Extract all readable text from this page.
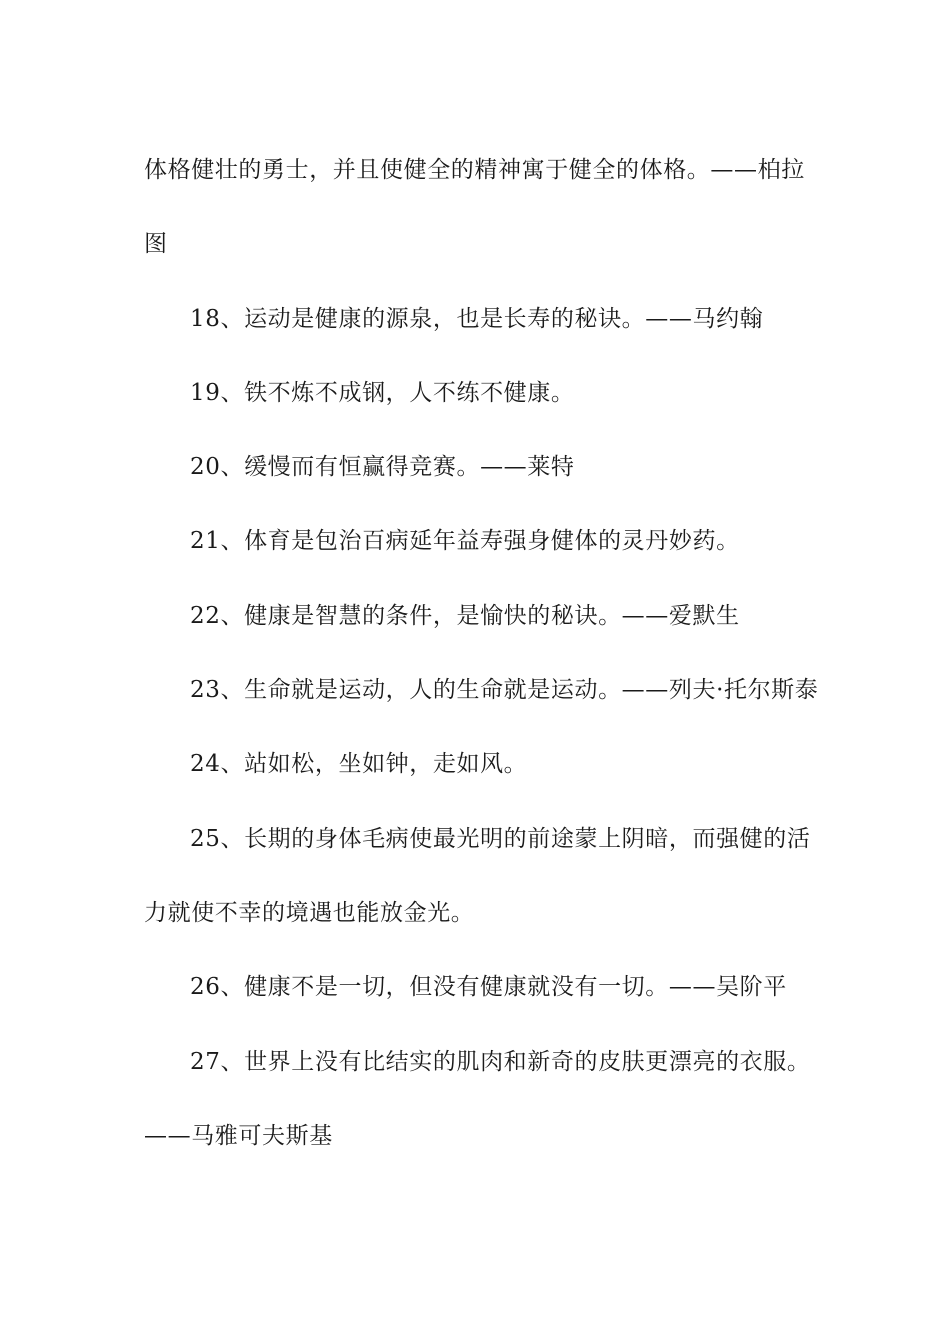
体格健壮的勇士，并且使健全的精神寓于健全的体格。——柏拉图

18、运动是健康的源泉，也是长寿的秘诀。——马约翰

19、铁不炼不成钢，人不练不健康。

20、缓慢而有恒赢得竞赛。——莱特

21、体育是包治百病延年益寿强身健体的灵丹妙药。

22、健康是智慧的条件，是愉快的秘诀。——爱默生

23、生命就是运动，人的生命就是运动。——列夫·托尔斯泰

24、站如松，坐如钟，走如风。

25、长期的身体毛病使最光明的前途蒙上阴暗，而强健的活力就使不幸的境遇也能放金光。

26、健康不是一切，但没有健康就没有一切。——吴阶平

27、世界上没有比结实的肌肉和新奇的皮肤更漂亮的衣服。——马雅可夫斯基
